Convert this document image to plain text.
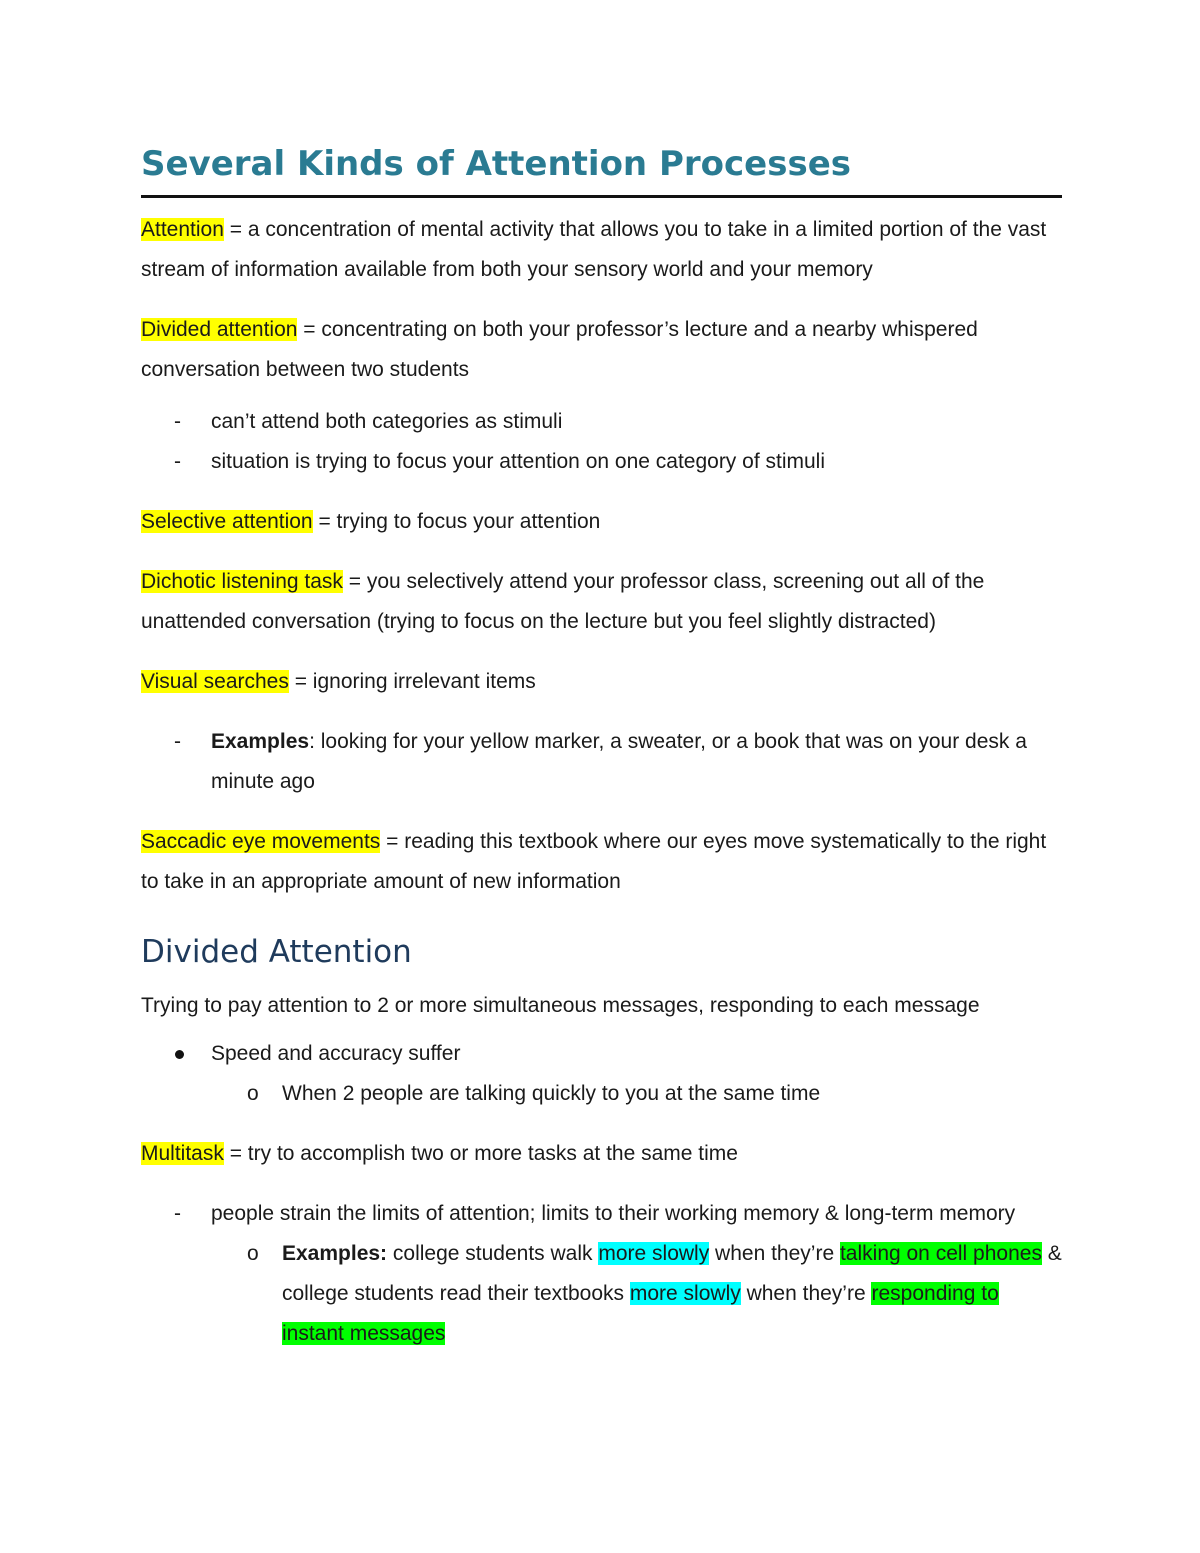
Several Kinds of Attention Processes

Attention = a concentration of mental activity that allows you to take in a limited portion of the vast stream of information available from both your sensory world and your memory

Divided attention = concentrating on both your professor’s lecture and a nearby whispered conversation between two students

- can’t attend both categories as stimuli
- situation is trying to focus your attention on one category of stimuli

Selective attention = trying to focus your attention

Dichotic listening task = you selectively attend your professor class, screening out all of the unattended conversation (trying to focus on the lecture but you feel slightly distracted)

Visual searches = ignoring irrelevant items

- Examples: looking for your yellow marker, a sweater, or a book that was on your desk a minute ago

Saccadic eye movements = reading this textbook where our eyes move systematically to the right to take in an appropriate amount of new information

Divided Attention

Trying to pay attention to 2 or more simultaneous messages, responding to each message

Speed and accuracy suffer
o When 2 people are talking quickly to you at the same time

Multitask = try to accomplish two or more tasks at the same time

- people strain the limits of attention; limits to their working memory & long-term memory
o Examples: college students walk more slowly when they’re talking on cell phones & college students read their textbooks more slowly when they’re responding to instant messages
